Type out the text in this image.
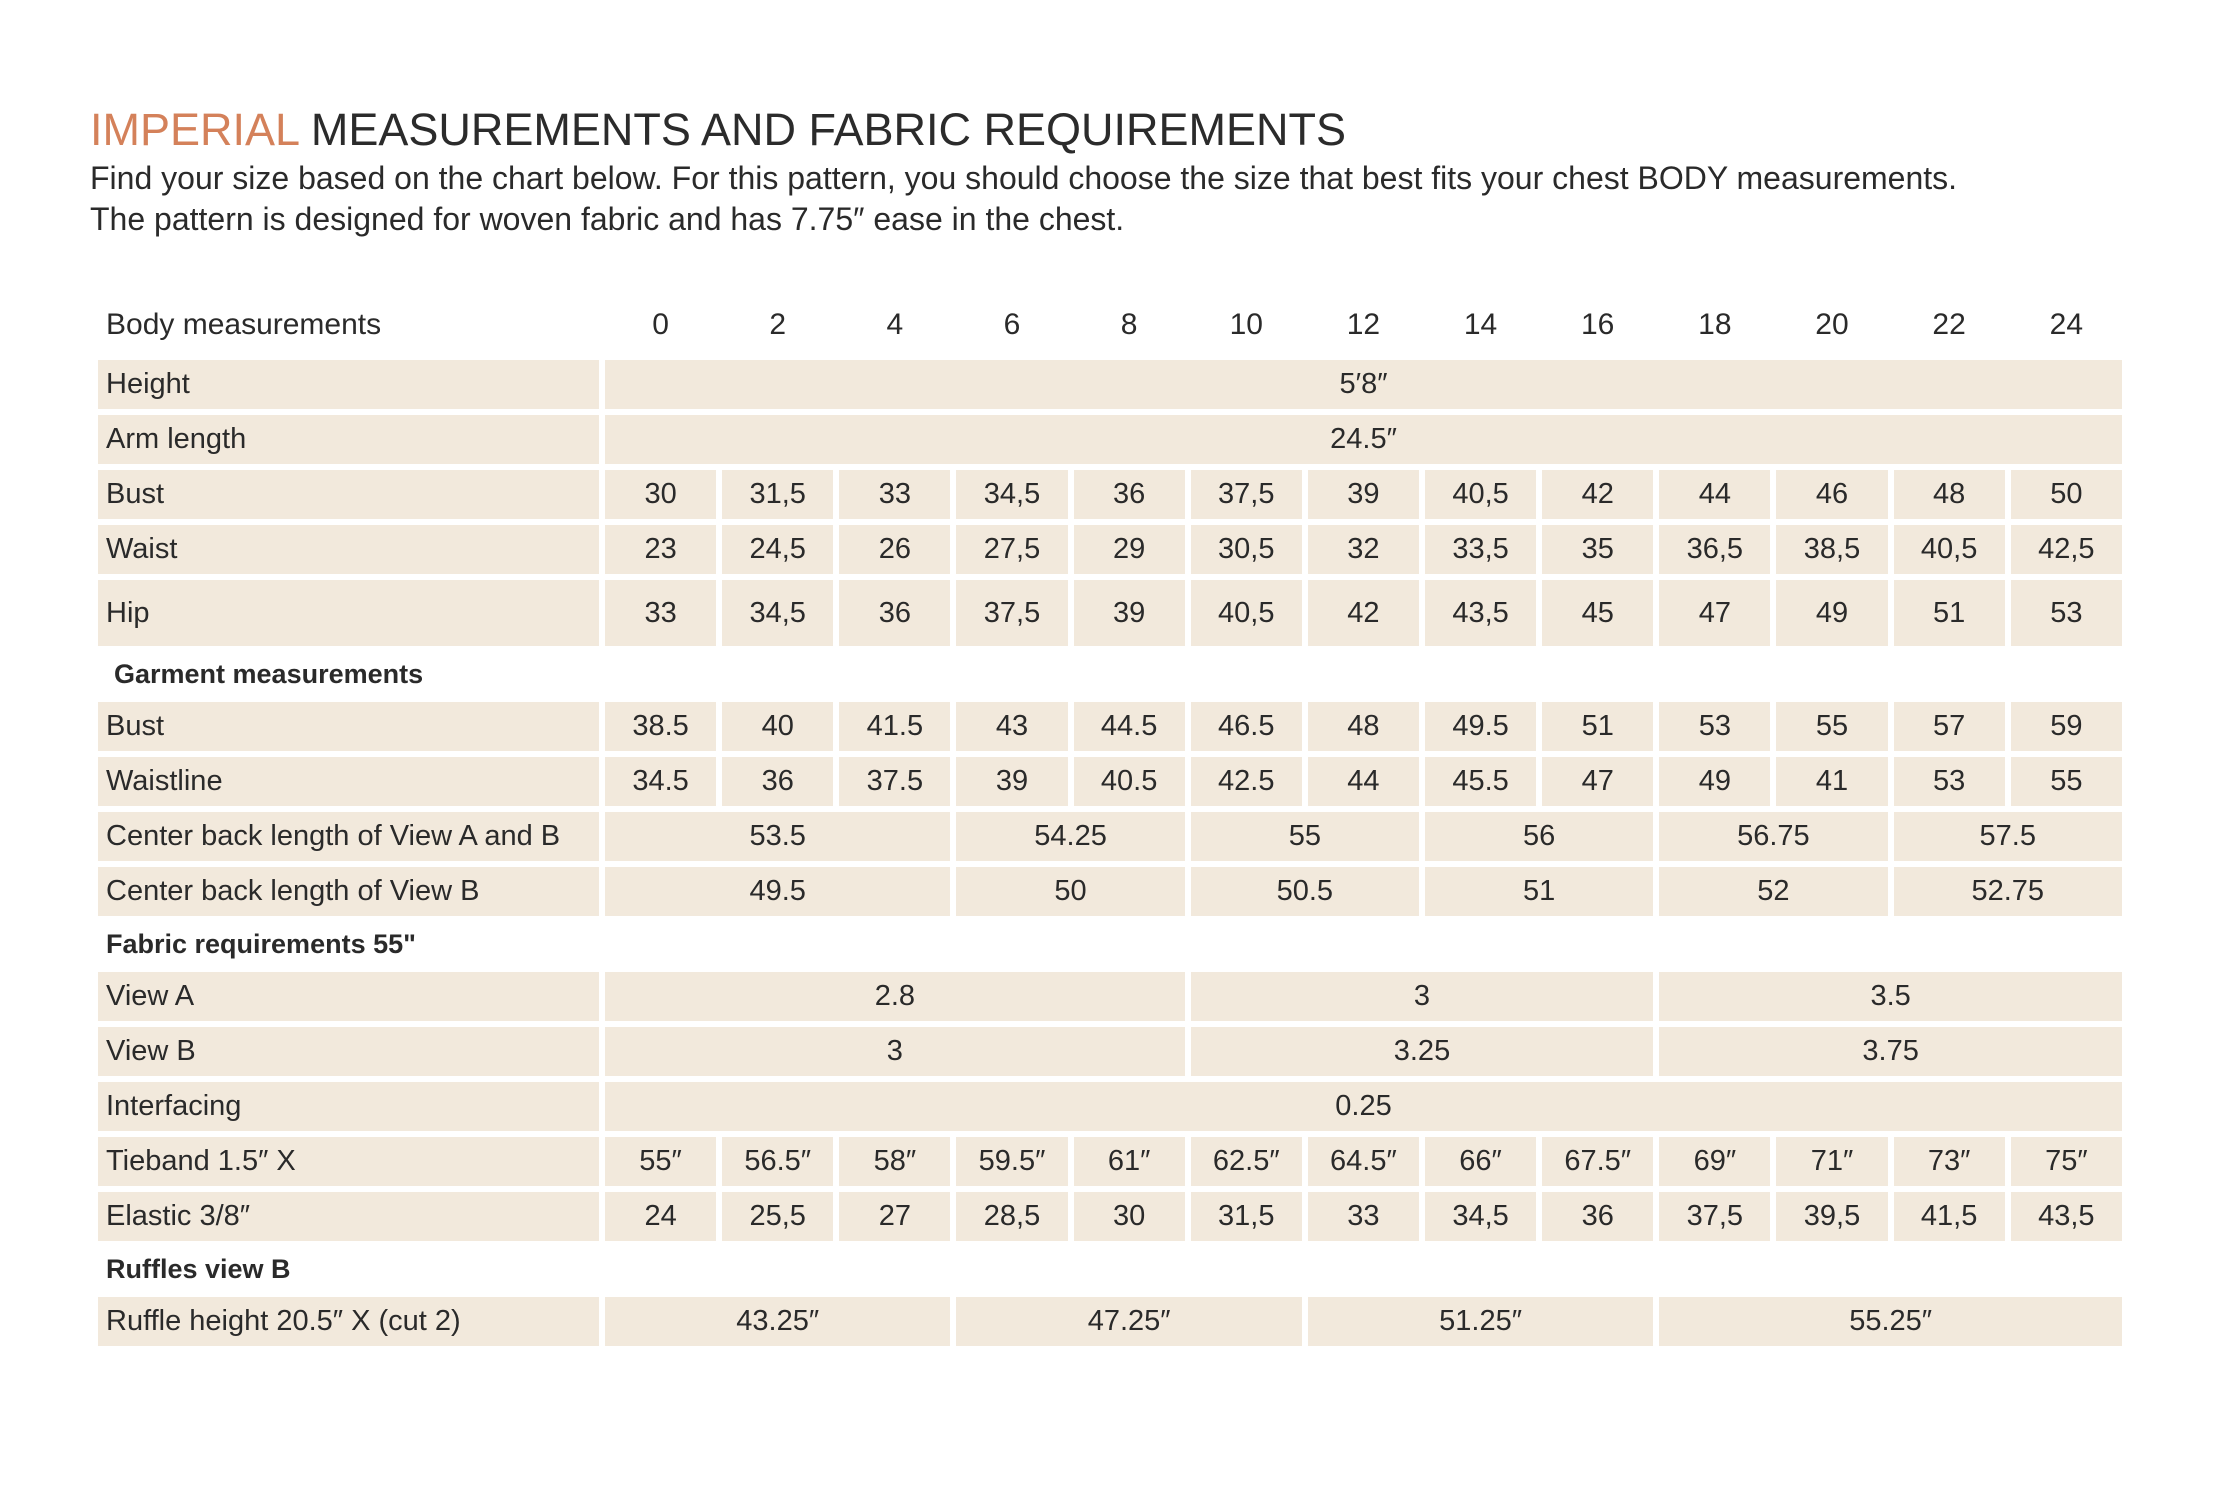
IMPERIAL MEASUREMENTS AND FABRIC REQUIREMENTS

Find your size based on the chart below. For this pattern, you should choose the size that best fits your chest BODY measurements.

The pattern is designed for woven fabric and has 7.75″ ease in the chest.

Body measurements	0	2	4	6	8	10	12	14	16	18	20	22	24
Height	5′8″												
Arm length	24.5″												
Bust	30	31,5	33	34,5	36	37,5	39	40,5	42	44	46	48	50
Waist	23	24,5	26	27,5	29	30,5	32	33,5	35	36,5	38,5	40,5	42,5
Hip	33	34,5	36	37,5	39	40,5	42	43,5	45	47	49	51	53
Garment measurements													
Bust	38.5	40	41.5	43	44.5	46.5	48	49.5	51	53	55	57	59
Waistline	34.5	36	37.5	39	40.5	42.5	44	45.5	47	49	41	53	55
Center back length of View A and B	53.5			54.25		55		56		56.75		57.5	
Center back length of View B	49.5			50		50.5		51		52		52.75	
Fabric requirements 55"													
View A	2.8					3				3.5			
View B	3					3.25				3.75			
Interfacing	0.25												
Tieband 1.5″ X	55″	56.5″	58″	59.5″	61″	62.5″	64.5″	66″	67.5″	69″	71″	73″	75″
Elastic 3/8″	24	25,5	27	28,5	30	31,5	33	34,5	36	37,5	39,5	41,5	43,5
Ruffles view B													
Ruffle height 20.5″ X (cut 2)	43.25″			47.25″			51.25″			55.25″			
